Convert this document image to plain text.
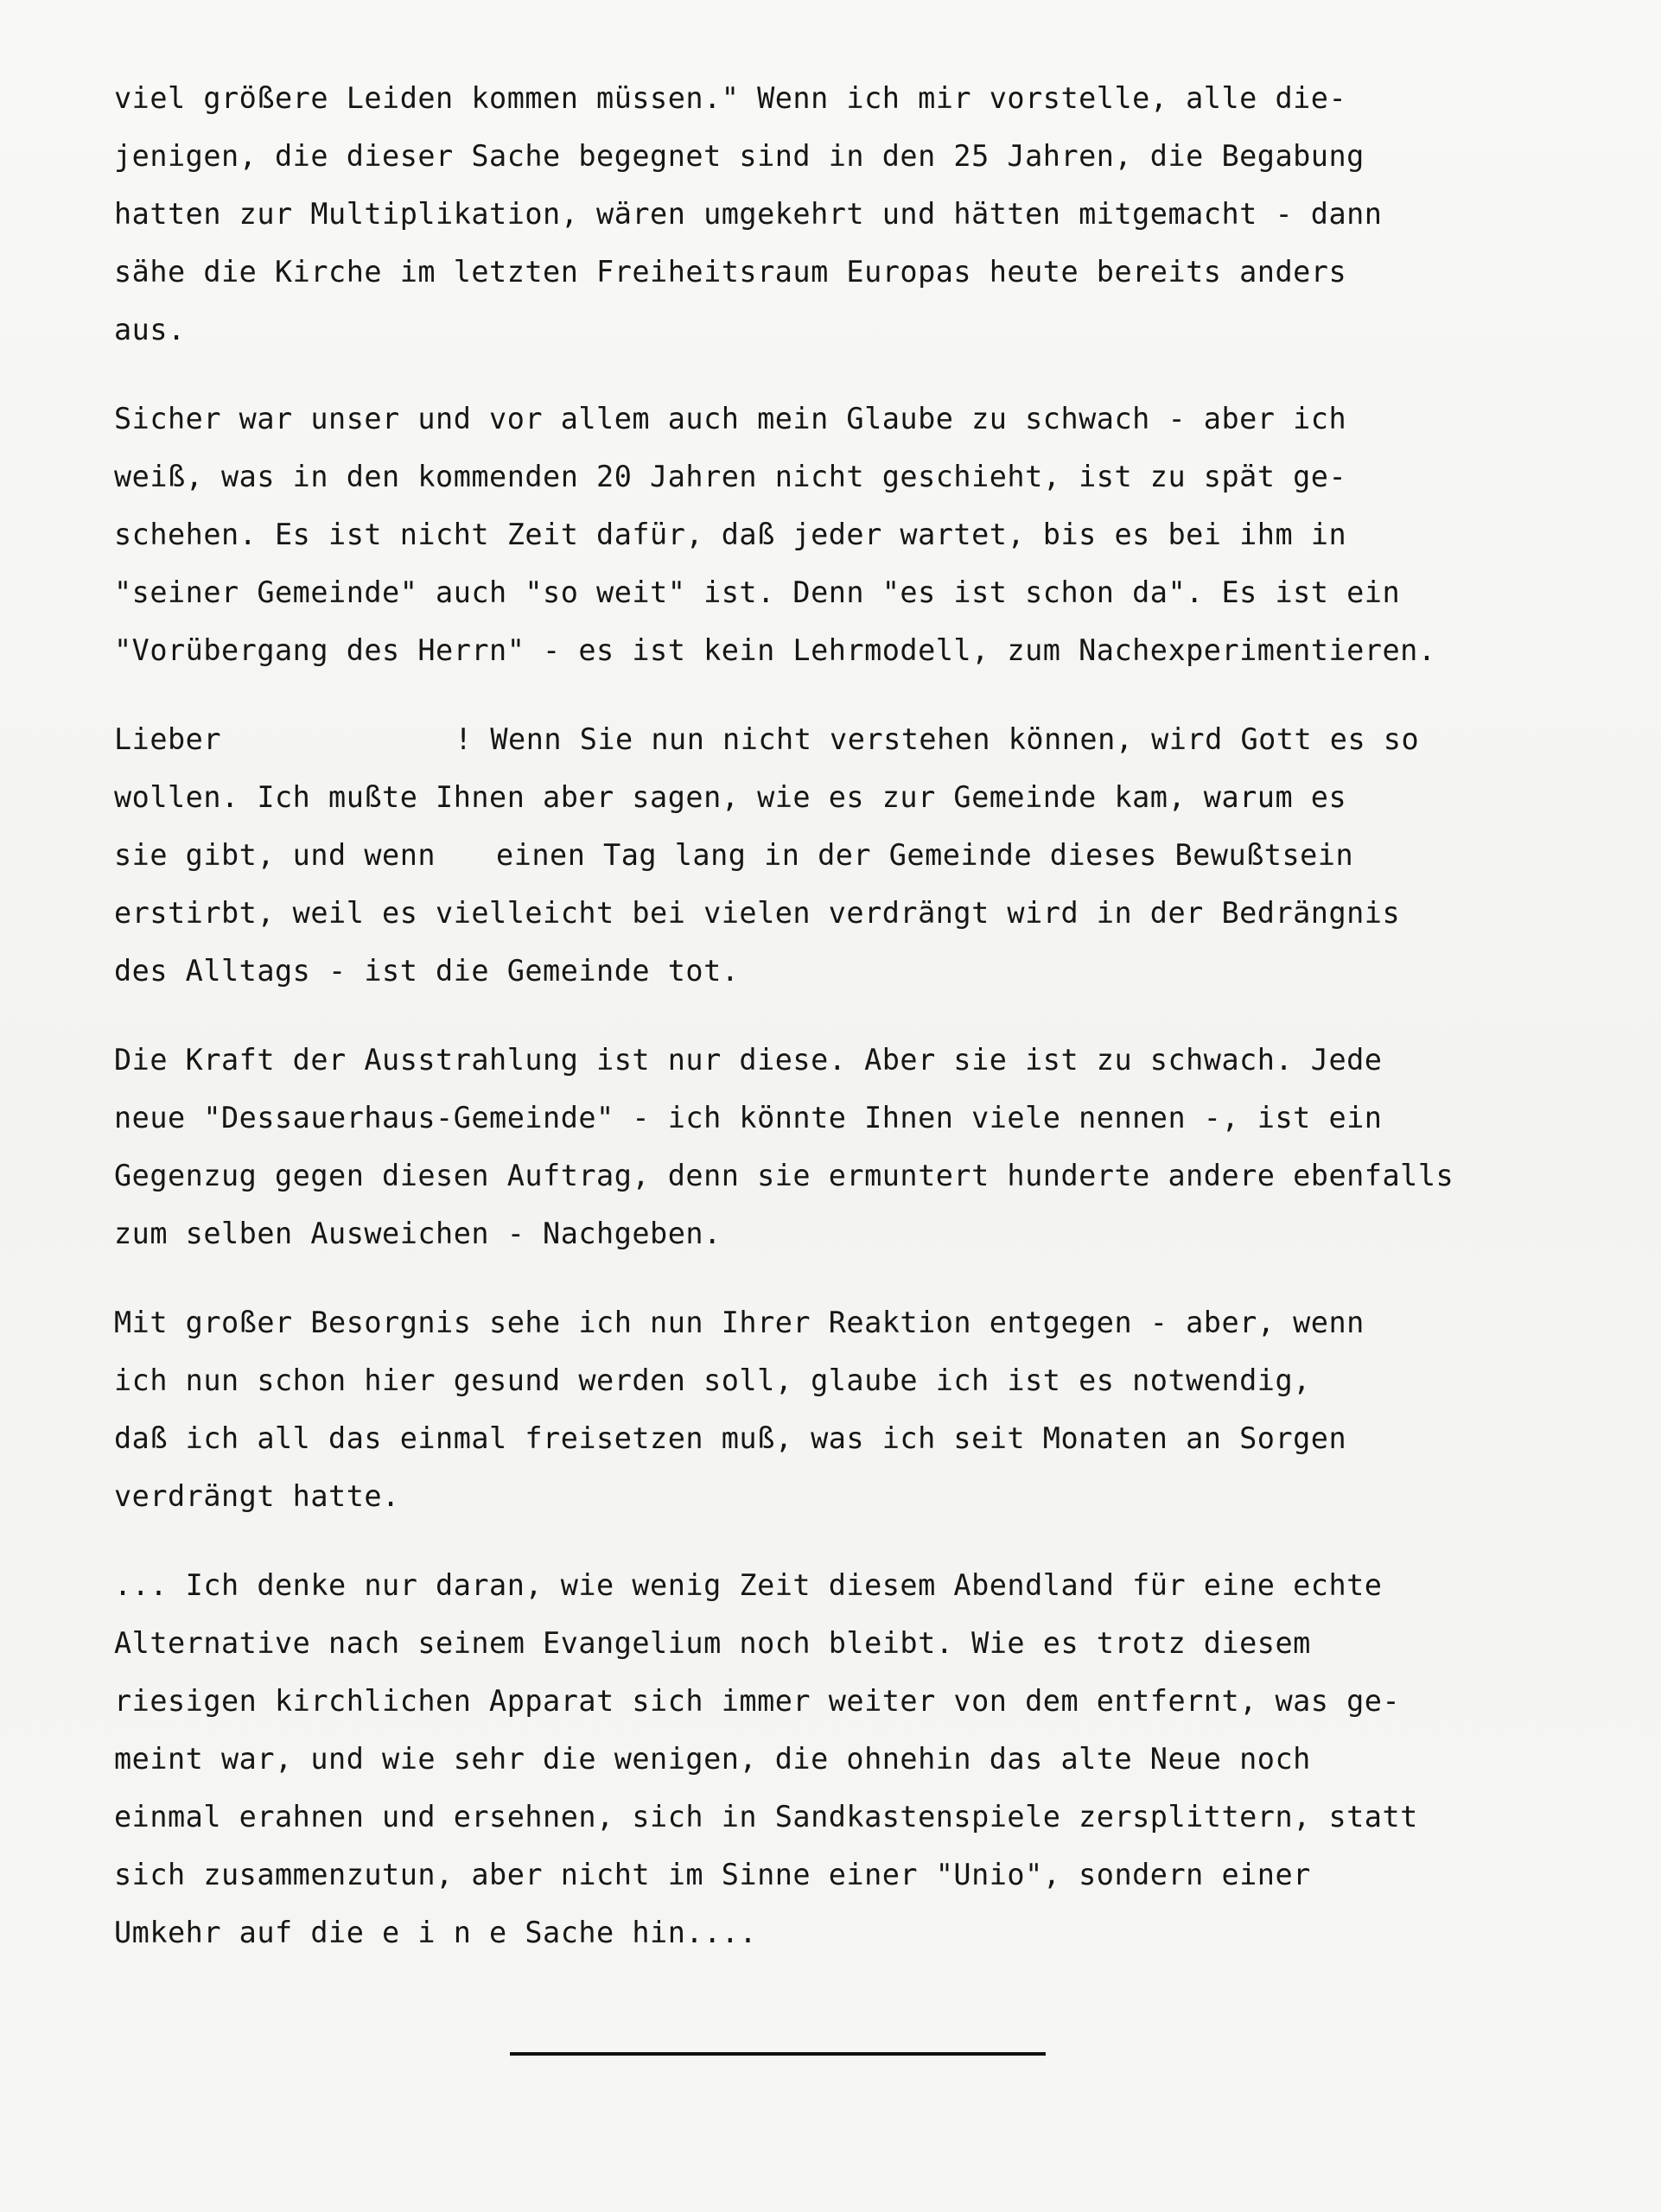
viel größere Leiden kommen müssen." Wenn ich mir vorstelle, alle die-
jenigen, die dieser Sache begegnet sind in den 25 Jahren, die Begabung
hatten zur Multiplikation, wären umgekehrt und hätten mitgemacht - dann
sähe die Kirche im letzten Freiheitsraum Europas heute bereits anders
aus.
Sicher war unser und vor allem auch mein Glaube zu schwach - aber ich
weiß, was in den kommenden 20 Jahren nicht geschieht, ist zu spät ge-
schehen. Es ist nicht Zeit dafür, daß jeder wartet, bis es bei ihm in
"seiner Gemeinde" auch "so weit" ist. Denn "es ist schon da". Es ist ein
"Vorübergang des Herrn" - es ist kein Lehrmodell, zum Nachexperimentieren.
Lieber	! Wenn Sie nun nicht verstehen können, wird Gott es so
wollen. Ich mußte Ihnen aber sagen, wie es zur Gemeinde kam, warum es
sie gibt, und wenn einen Tag lang in der Gemeinde dieses Bewußtsein
erstirbt, weil es vielleicht bei vielen verdrängt wird in der Bedrängnis
des Alltags - ist die Gemeinde tot.
Die Kraft der Ausstrahlung ist nur diese. Aber sie ist zu schwach. Jede
neue "Dessauerhaus-Gemeinde" - ich könnte Ihnen viele nennen -, ist ein
Gegenzug gegen diesen Auftrag, denn sie ermuntert hunderte andere ebenfalls
zum selben Ausweichen - Nachgeben.
Mit großer Besorgnis sehe ich nun Ihrer Reaktion entgegen - aber, wenn
ich nun schon hier gesund werden soll, glaube ich ist es notwendig,
daß ich all das einmal freisetzen muß, was ich seit Monaten an Sorgen
verdrängt hatte.
... Ich denke nur daran, wie wenig Zeit diesem Abendland für eine echte
Alternative nach seinem Evangelium noch bleibt. Wie es trotz diesem
riesigen kirchlichen Apparat sich immer weiter von dem entfernt, was ge-
meint war, und wie sehr die wenigen, die ohnehin das alte Neue noch
einmal erahnen und ersehnen, sich in Sandkastenspiele zersplittern, statt
sich zusammenzutun, aber nicht im Sinne einer "Unio", sondern einer
Umkehr auf die e i n e Sache hin....
